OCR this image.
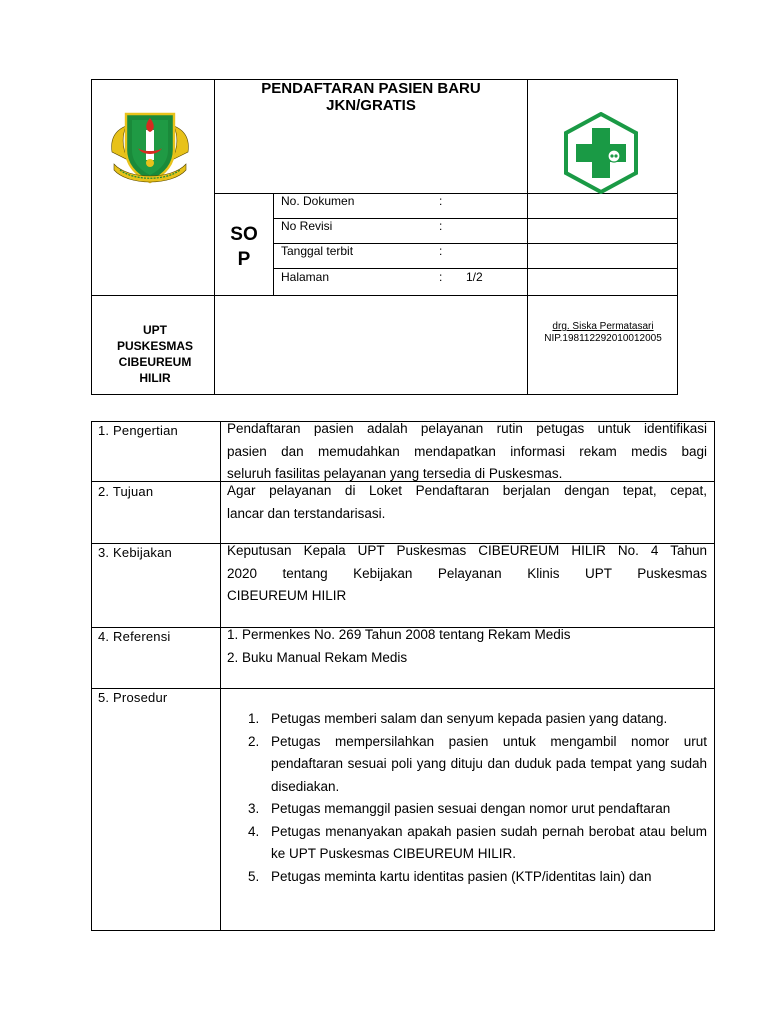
PENDAFTARAN PASIEN BARU
JKN/GRATIS
SO
P
No. Dokumen	:
No Revisi	:
Tanggal terbit	:
Halaman	: 1/2
UPT
PUSKESMAS
CIBEUREUM
HILIR
drg. Siska Permatasari
NIP.198112292010012005
1. Pengertian	Pendaftaran pasien adalah pelayanan rutin petugas untuk identifikasi
pasien dan memudahkan mendapatkan informasi rekam medis bagi
seluruh fasilitas pelayanan yang tersedia di Puskesmas.
2. Tujuan	Agar pelayanan di Loket Pendaftaran berjalan dengan tepat, cepat,
lancar dan terstandarisasi.
3. Kebijakan	Keputusan Kepala UPT Puskesmas CIBEUREUM HILIR No. 4 Tahun
2020 tentang Kebijakan Pelayanan Klinis UPT Puskesmas
CIBEUREUM HILIR
4. Referensi	1. Permenkes No. 269 Tahun 2008 tentang Rekam Medis
2. Buku Manual Rekam Medis
5. Prosedur
1. Petugas memberi salam dan senyum kepada pasien yang datang.
2. Petugas mempersilahkan pasien untuk mengambil nomor urut pendaftaran sesuai poli yang dituju dan duduk pada tempat yang sudah disediakan.
3. Petugas memanggil pasien sesuai dengan nomor urut pendaftaran
4. Petugas menanyakan apakah pasien sudah pernah berobat atau belum ke UPT Puskesmas CIBEUREUM HILIR.
5. Petugas meminta kartu identitas pasien (KTP/identitas lain) dan
